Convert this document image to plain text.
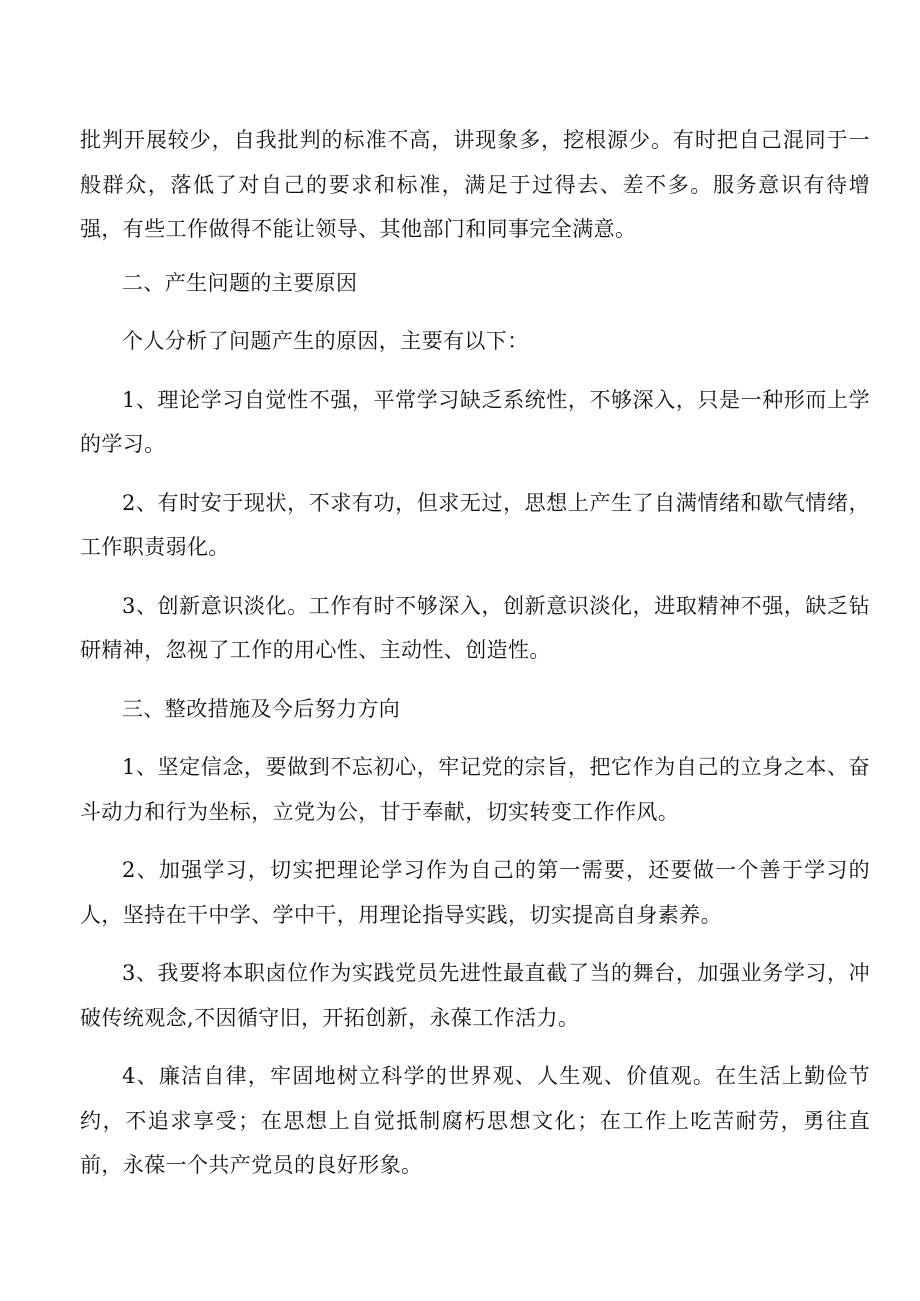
批判开展较少，自我批判的标准不高，讲现象多，挖根源少。有时把自己混同于一般群众，落低了对自己的要求和标准，满足于过得去、差不多。服务意识有待增强，有些工作做得不能让领导、其他部门和同事完全满意。

二、产生问题的主要原因

个人分析了问题产生的原因，主要有以下：

1、理论学习自觉性不强，平常学习缺乏系统性，不够深入，只是一种形而上学的学习。

2、有时安于现状，不求有功，但求无过，思想上产生了自满情绪和歇气情绪，工作职责弱化。

3、创新意识淡化。工作有时不够深入，创新意识淡化，进取精神不强，缺乏钻研精神，忽视了工作的用心性、主动性、创造性。

三、整改措施及今后努力方向

1、坚定信念，要做到不忘初心，牢记党的宗旨，把它作为自己的立身之本、奋斗动力和行为坐标，立党为公，甘于奉献，切实转变工作作风。

2、加强学习，切实把理论学习作为自己的第一需要，还要做一个善于学习的人，坚持在干中学、学中干，用理论指导实践，切实提高自身素养。

3、我要将本职卤位作为实践党员先进性最直截了当的舞台，加强业务学习，冲破传统观念,不因循守旧，开拓创新，永葆工作活力。

4、廉洁自律，牢固地树立科学的世界观、人生观、价值观。在生活上勤俭节约，不追求享受；在思想上自觉抵制腐朽思想文化；在工作上吃苦耐劳，勇往直前，永葆一个共产党员的良好形象。
